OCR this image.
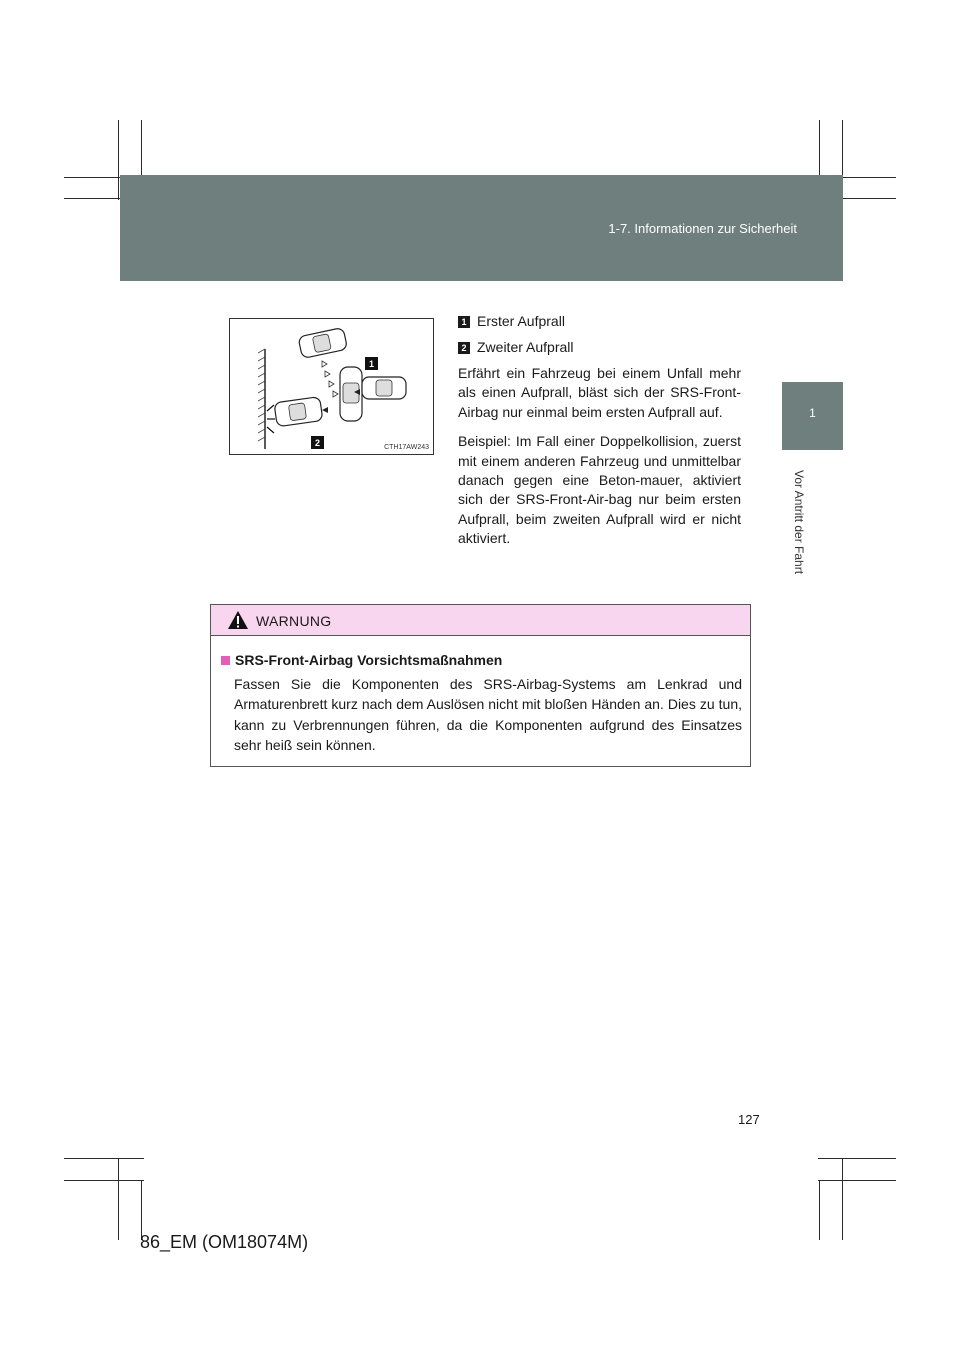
1-7. Informationen zur Sicherheit
1
Vor Antritt der Fahrt
1
2	CTH17AW243
1 Erster Aufprall
2 Zweiter Aufprall

Erfährt ein Fahrzeug bei einem Unfall mehr als einen Aufprall, bläst sich der SRS-Front-Airbag nur einmal beim ersten Aufprall auf.

Beispiel: Im Fall einer Doppelkollision, zuerst mit einem anderen Fahrzeug und unmittelbar danach gegen eine Beton-mauer, aktiviert sich der SRS-Front-Air-bag nur beim ersten Aufprall, beim zweiten Aufprall wird er nicht aktiviert.

WARNUNG
SRS-Front-Airbag Vorsichtsmaßnahmen
Fassen Sie die Komponenten des SRS-Airbag-Systems am Lenkrad und Armaturenbrett kurz nach dem Auslösen nicht mit bloßen Händen an. Dies zu tun, kann zu Verbrennungen führen, da die Komponenten aufgrund des Einsatzes sehr heiß sein können.
127
86_EM (OM18074M)
